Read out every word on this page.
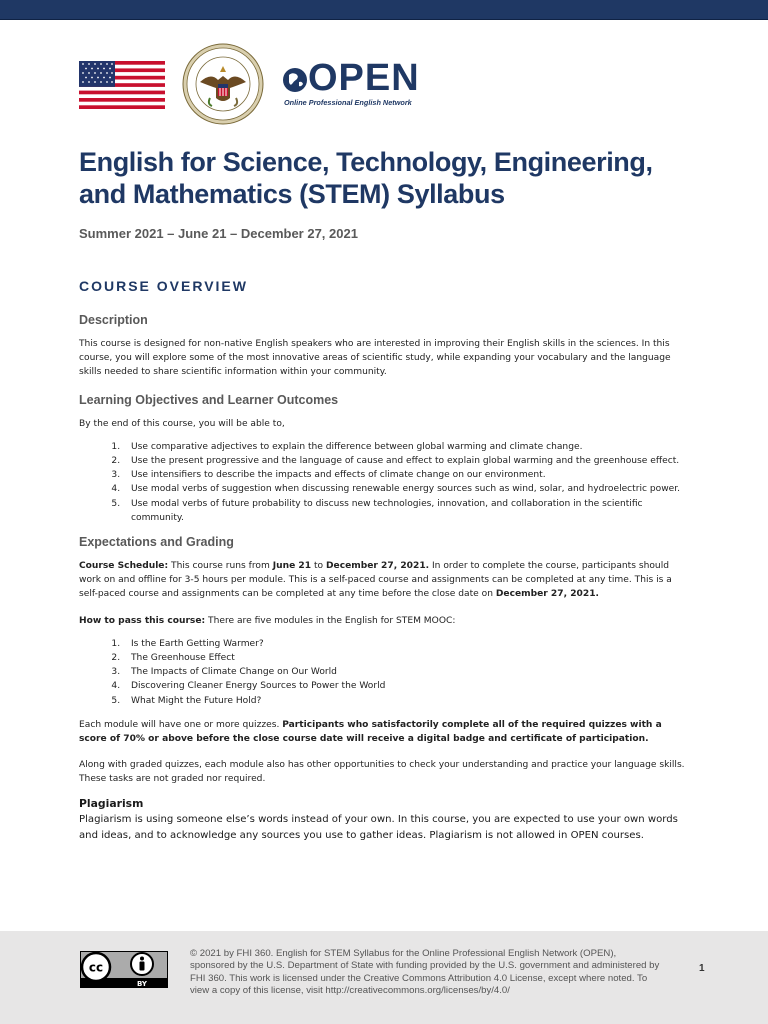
OPEN
Online Professional English Network
English for Science, Technology, Engineering, and Mathematics (STEM) Syllabus
Summer 2021 – June 21 – December 27, 2021
COURSE OVERVIEW
Description

This course is designed for non-native English speakers who are interested in improving their English skills in the sciences. In this course, you will explore some of the most innovative areas of scientific study, while expanding your vocabulary and the language skills needed to share scientific information within your community.

Learning Objectives and Learner Outcomes

By the end of this course, you will be able to,

1. Use comparative adjectives to explain the difference between global warming and climate change.
2. Use the present progressive and the language of cause and effect to explain global warming and the greenhouse effect.
3. Use intensifiers to describe the impacts and effects of climate change on our environment.
4. Use modal verbs of suggestion when discussing renewable energy sources such as wind, solar, and hydroelectric power.
5. Use modal verbs of future probability to discuss new technologies, innovation, and collaboration in the scientific community.
Expectations and Grading

Course Schedule: This course runs from June 21 to December 27, 2021. In order to complete the course, participants should work on and offline for 3-5 hours per module. This is a self-paced course and assignments can be completed at any time. This is a self-paced course and assignments can be completed at any time before the close date on December 27, 2021.

How to pass this course: There are five modules in the English for STEM MOOC:

1. Is the Earth Getting Warmer?
2. The Greenhouse Effect
3. The Impacts of Climate Change on Our World
4. Discovering Cleaner Energy Sources to Power the World
5. What Might the Future Hold?

Each module will have one or more quizzes. Participants who satisfactorily complete all of the required quizzes with a score of 70% or above before the close course date will receive a digital badge and certificate of participation.

Along with graded quizzes, each module also has other opportunities to check your understanding and practice your language skills. These tasks are not graded nor required.

Plagiarism

Plagiarism is using someone else’s words instead of your own. In this course, you are expected to use your own words and ideas, and to acknowledge any sources you use to gather ideas. Plagiarism is not allowed in OPEN courses.

cc
BY

© 2021 by FHI 360. English for STEM Syllabus for the Online Professional English Network (OPEN), sponsored by the U.S. Department of State with funding provided by the U.S. government and administered by FHI 360. This work is licensed under the Creative Commons Attribution 4.0 License, except where noted. To view a copy of this license, visit http://creativecommons.org/licenses/by/4.0/

1
